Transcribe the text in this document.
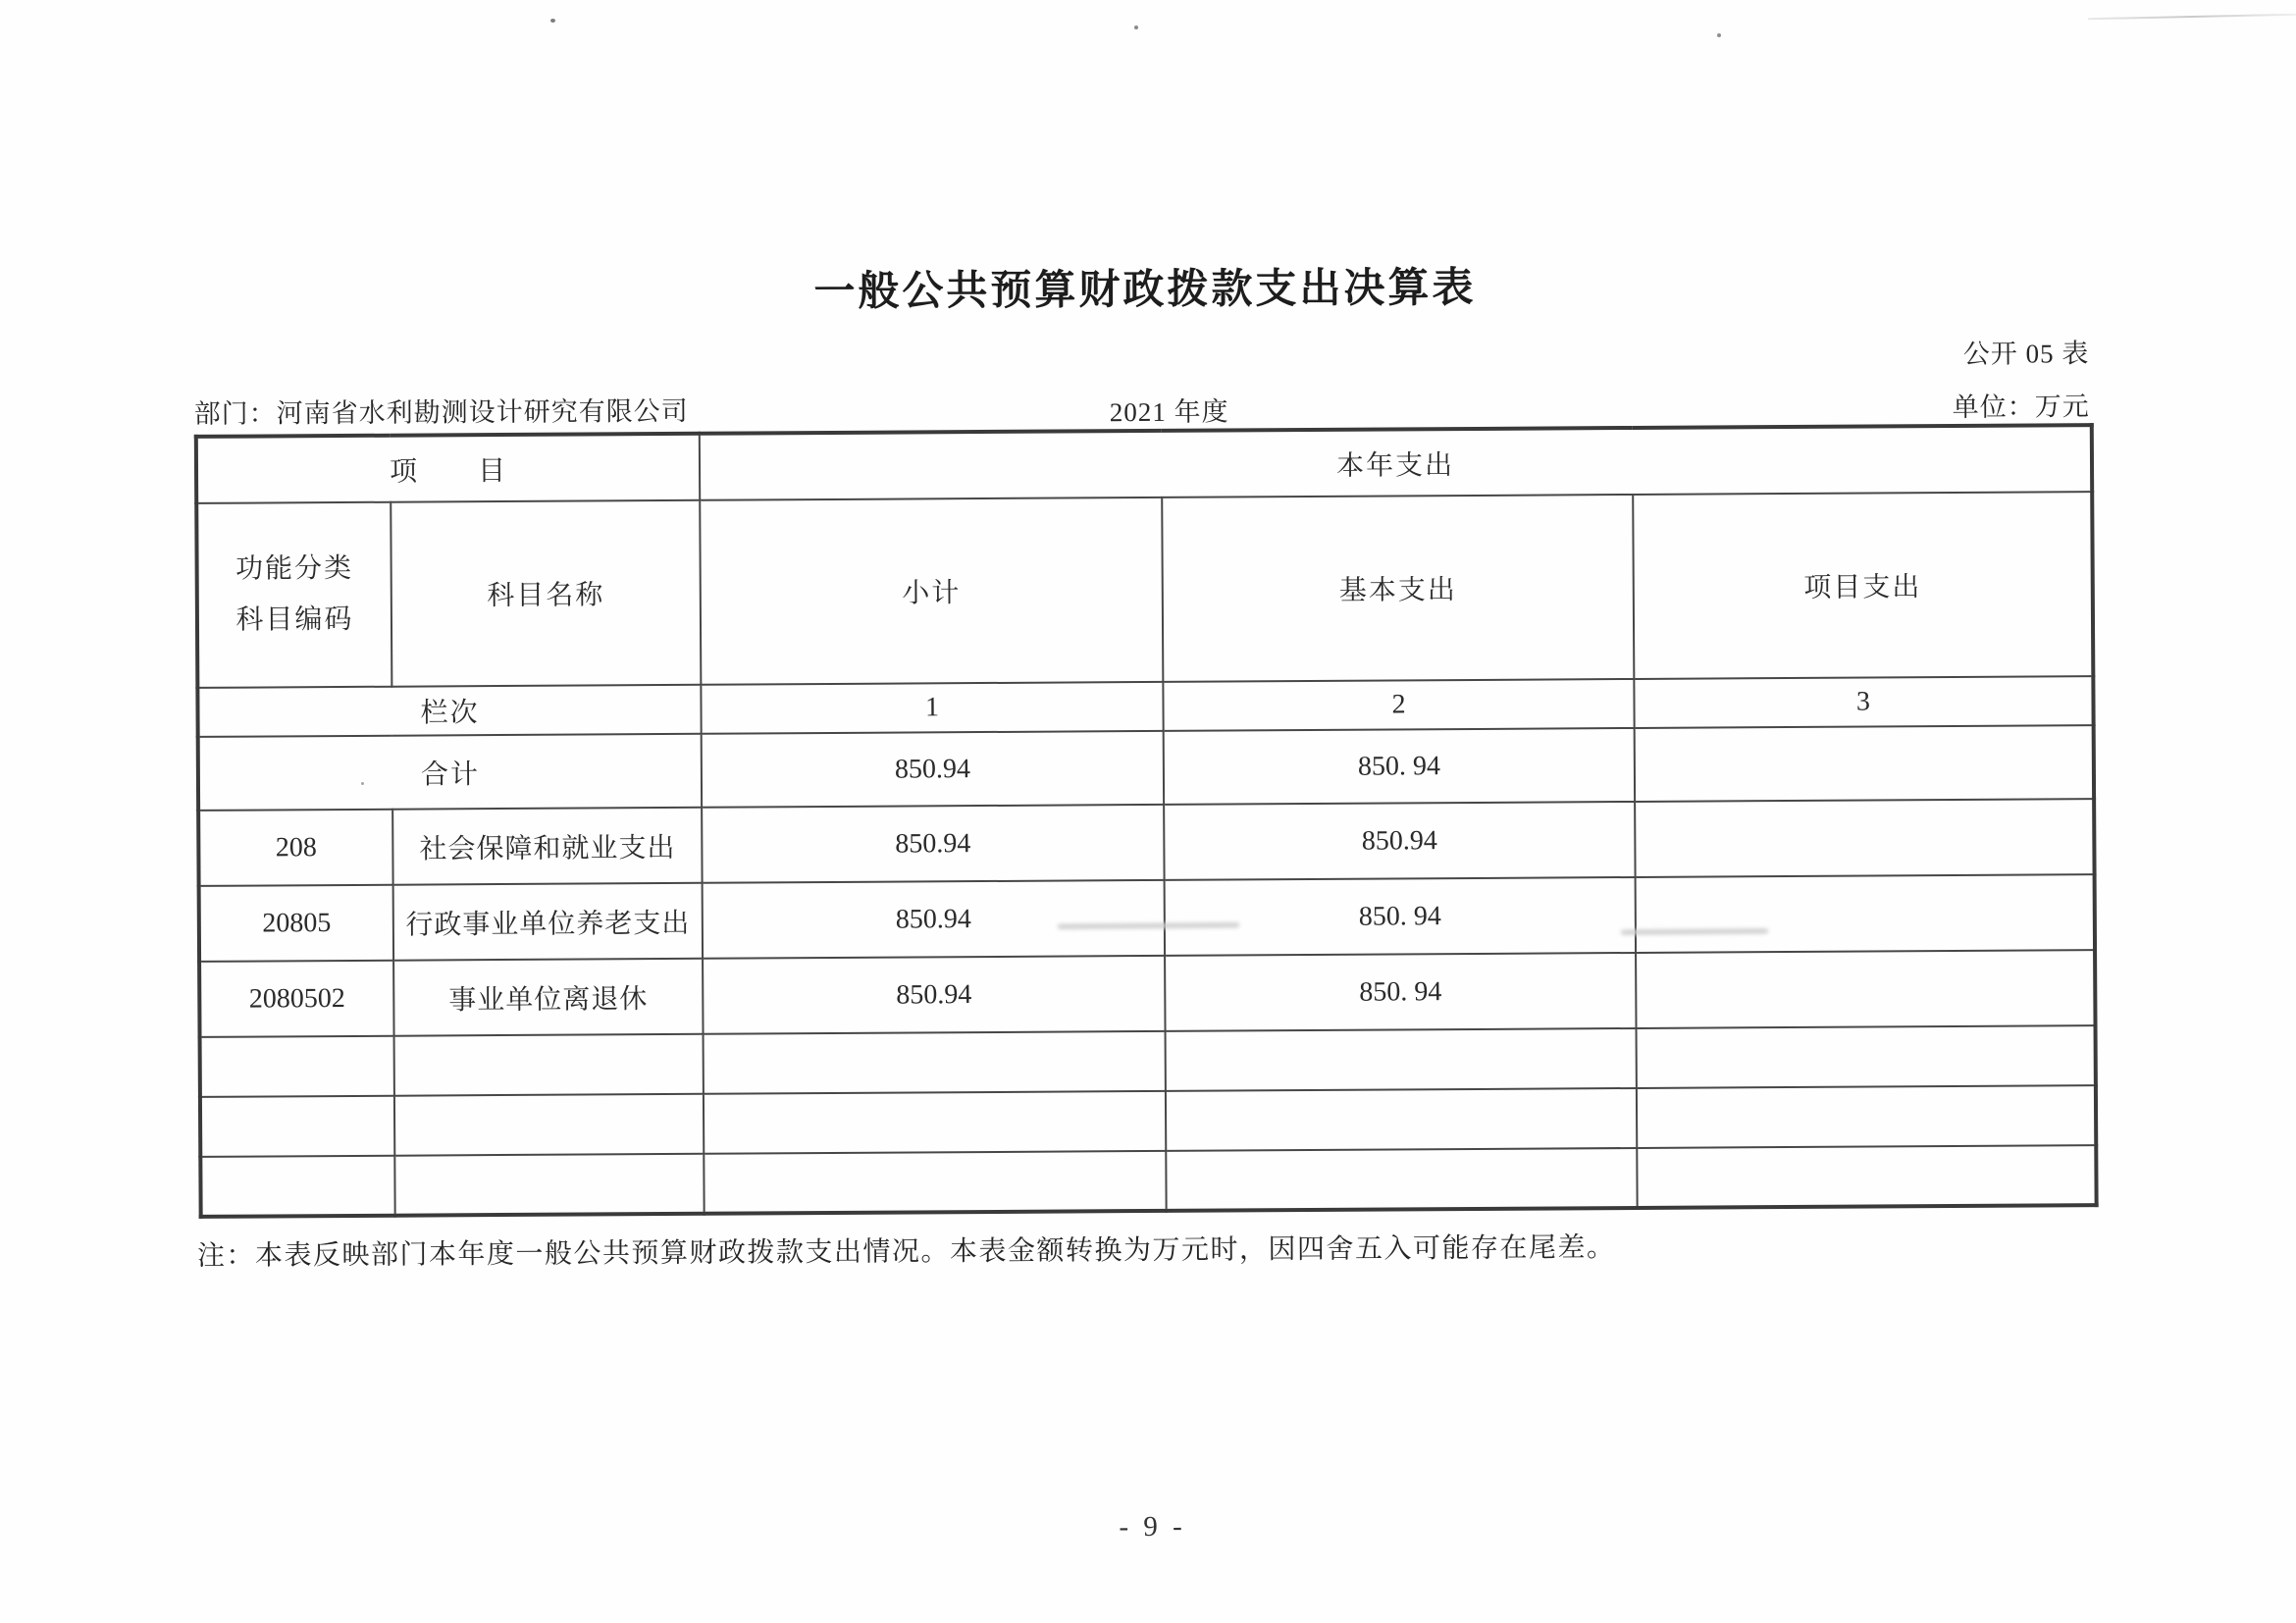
一般公共预算财政拨款支出决算表
公开 05 表
部门：河南省水利勘测设计研究有限公司	2021 年度	单位：万元
项　　目		本年支出		

功能分类
科目编码	科目名称	小计	基本支出	项目支出
栏次		1	2	3
合计		850.94	850. 94	
208	社会保障和就业支出	850.94	850.94	
20805	行政事业单位养老支出	850.94	850. 94	
2080502	事业单位离退休	850.94	850. 94	

注：本表反映部门本年度一般公共预算财政拨款支出情况。本表金额转换为万元时，因四舍五入可能存在尾差。
- 9 -
